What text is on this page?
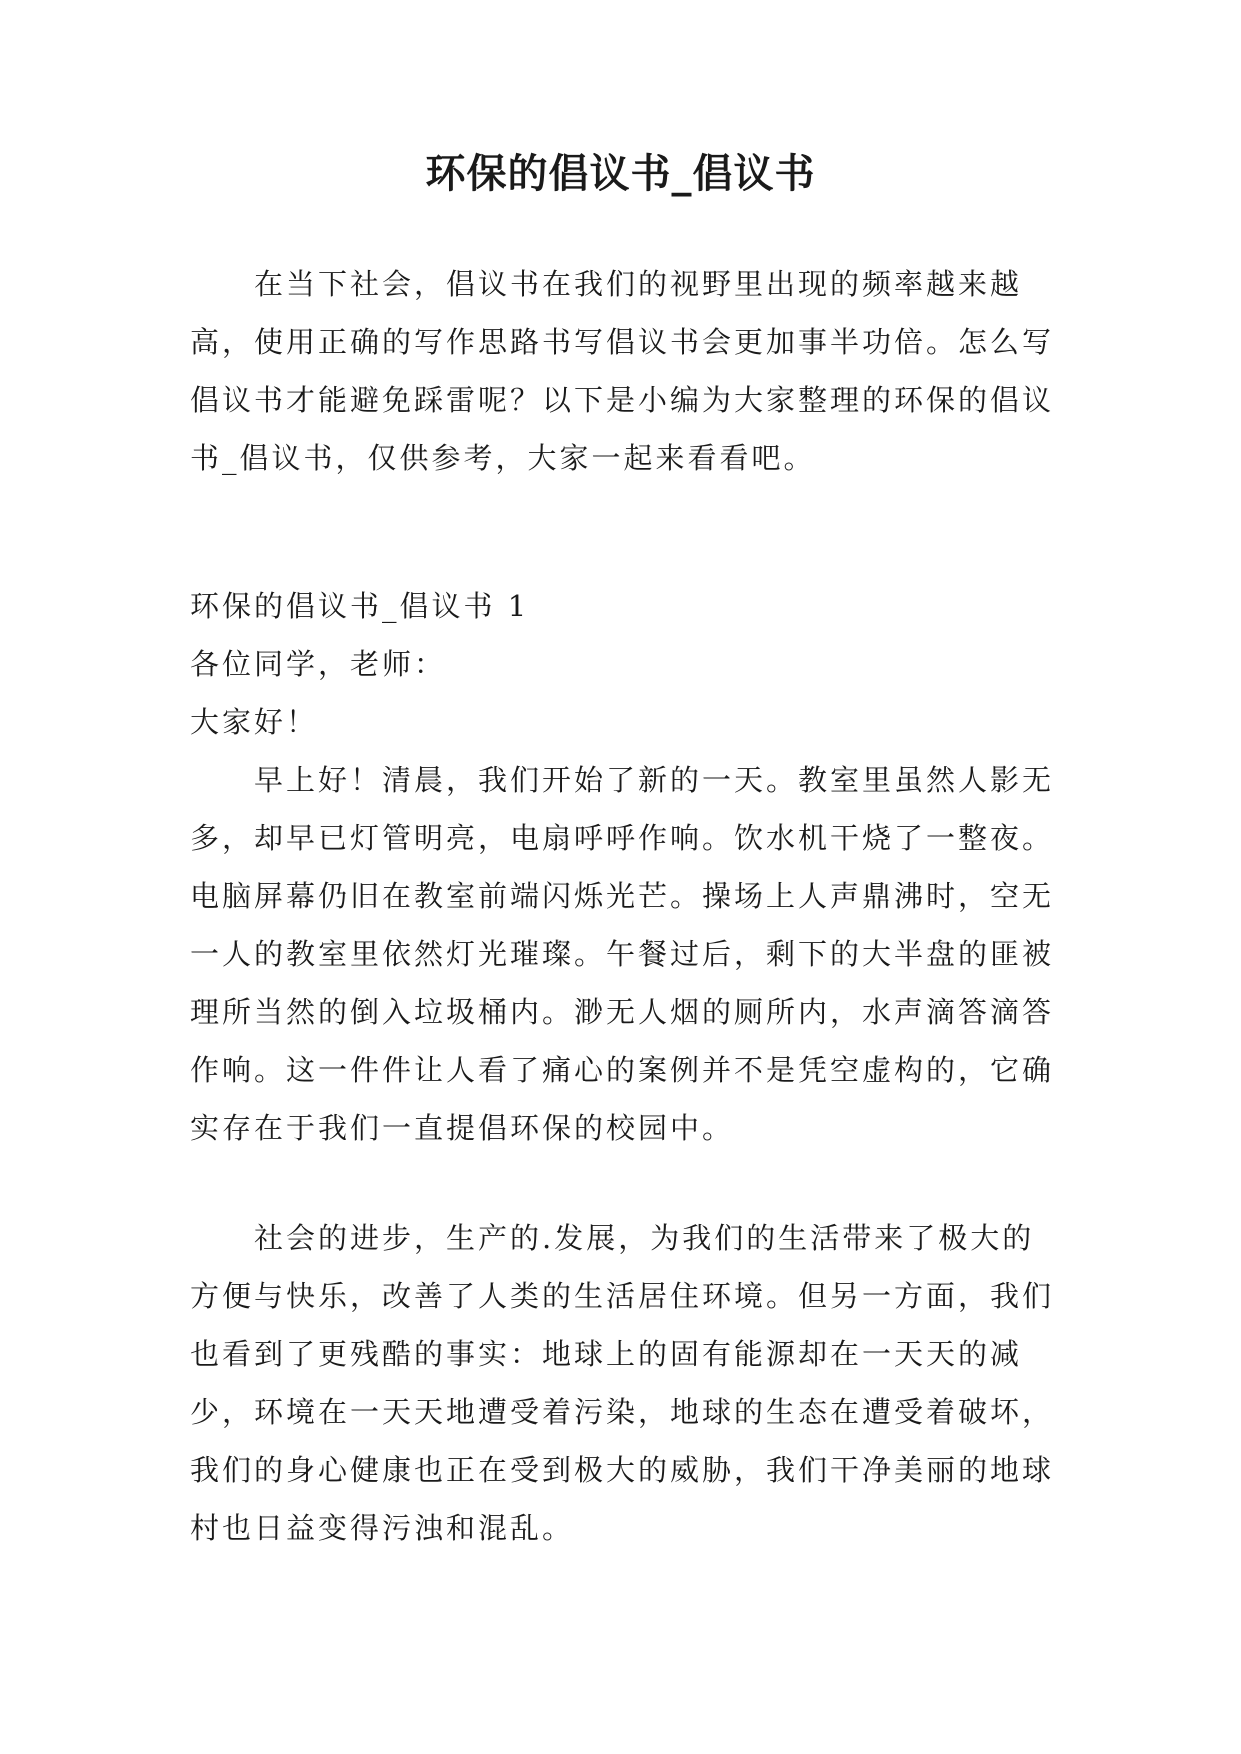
环保的倡议书_倡议书

在当下社会，倡议书在我们的视野里出现的频率越来越高，使用正确的写作思路书写倡议书会更加事半功倍。怎么写倡议书才能避免踩雷呢？以下是小编为大家整理的环保的倡议书_倡议书，仅供参考，大家一起来看看吧。

环保的倡议书_倡议书 1

各位同学，老师：

大家好！

早上好！清晨，我们开始了新的一天。教室里虽然人影无多，却早已灯管明亮，电扇呼呼作响。饮水机干烧了一整夜。电脑屏幕仍旧在教室前端闪烁光芒。操场上人声鼎沸时，空无一人的教室里依然灯光璀璨。午餐过后，剩下的大半盘的匪被理所当然的倒入垃圾桶内。渺无人烟的厕所内，水声滴答滴答作响。这一件件让人看了痛心的案例并不是凭空虚构的，它确实存在于我们一直提倡环保的校园中。

社会的进步，生产的.发展，为我们的生活带来了极大的方便与快乐，改善了人类的生活居住环境。但另一方面，我们也看到了更残酷的事实：地球上的固有能源却在一天天的减少，环境在一天天地遭受着污染，地球的生态在遭受着破坏，我们的身心健康也正在受到极大的威胁，我们干净美丽的地球村也日益变得污浊和混乱。
